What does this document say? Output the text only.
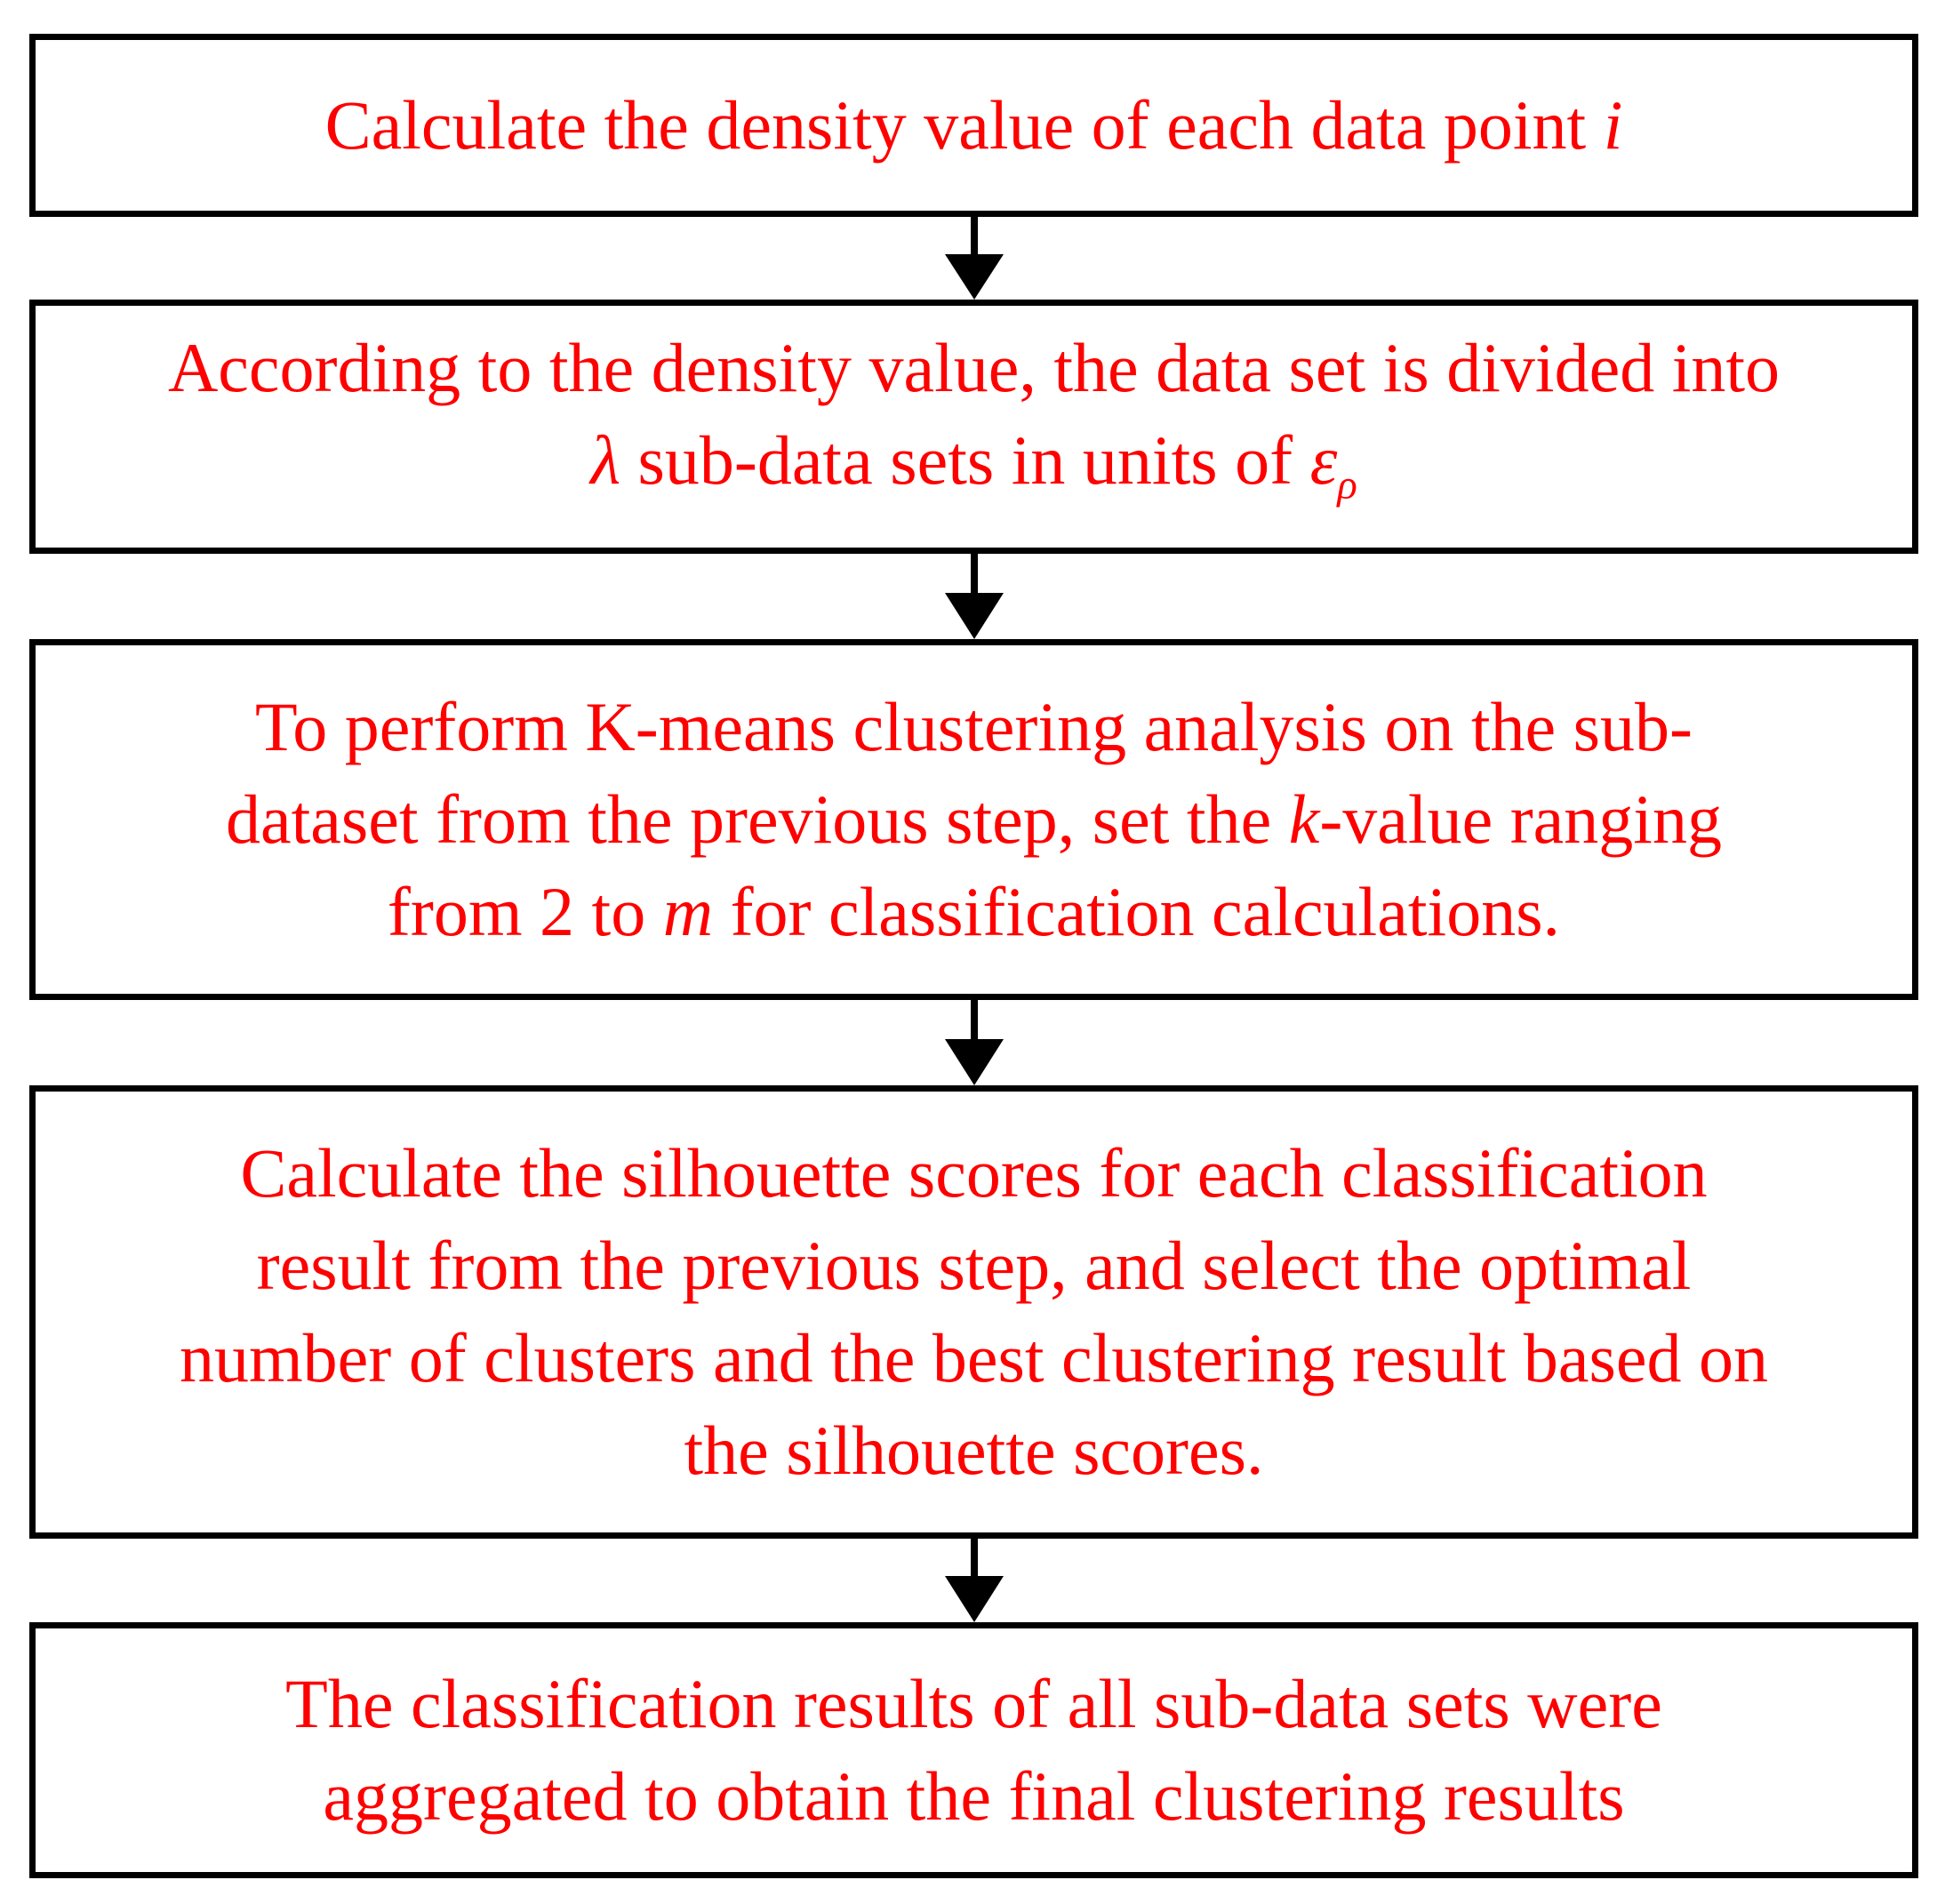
Calculate the density value of each data point i
According to the density value, the data set is divided into
λ sub-data sets in units of $\varepsilon_\rho$
To perform K-means clustering analysis on the sub-
dataset from the previous step, set the k-value ranging
from 2 to m for classification calculations.
Calculate the silhouette scores for each classification
result from the previous step, and select the optimal
number of clusters and the best clustering result based on
the silhouette scores.
The classification results of all sub-data sets were
aggregated to obtain the final clustering results
